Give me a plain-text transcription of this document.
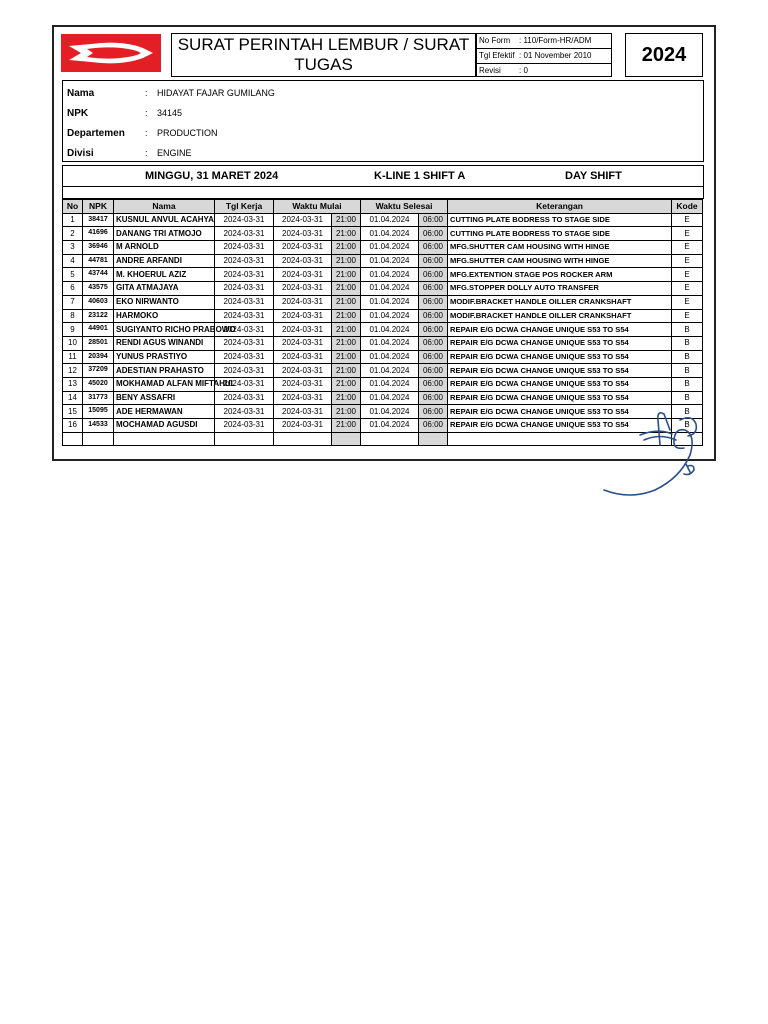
SURAT PERINTAH LEMBUR / SURAT TUGAS
No Form : 110/Form-HR/ADM
Tgl Efektif : 01 November 2010
Revisi : 0
2024
Nama	: HIDAYAT FAJAR GUMILANG
NPK	: 34145
Departemen : PRODUCTION
Divisi	: ENGINE
MINGGU, 31 MARET 2024	K-LINE 1 SHIFT A	DAY SHIFT
No	NPK	Nama	Tgl Kerja	Waktu Mulai		Waktu Selesai		Keterangan	Kode
1	38417	KUSNUL ANVUL ACAHYA	2024-03-31	2024-03-31	21:00	01.04.2024	06:00	CUTTING PLATE BODRESS TO STAGE SIDE	E
2	41696	DANANG TRI ATMOJO	2024-03-31	2024-03-31	21:00	01.04.2024	06:00	CUTTING PLATE BODRESS TO STAGE SIDE	E
3	36946	M ARNOLD	2024-03-31	2024-03-31	21:00	01.04.2024	06:00	MFG.SHUTTER CAM HOUSING WITH HINGE	E
4	44781	ANDRE ARFANDI	2024-03-31	2024-03-31	21:00	01.04.2024	06:00	MFG.SHUTTER CAM HOUSING WITH HINGE	E
5	43744	M. KHOERUL AZIZ	2024-03-31	2024-03-31	21:00	01.04.2024	06:00	MFG.EXTENTION STAGE POS ROCKER ARM	E
6	43575	GITA ATMAJAYA	2024-03-31	2024-03-31	21:00	01.04.2024	06:00	MFG.STOPPER DOLLY AUTO TRANSFER	E
7	40603	EKO NIRWANTO	2024-03-31	2024-03-31	21:00	01.04.2024	06:00	MODIF.BRACKET HANDLE OILLER CRANKSHAFT	E
8	23122	HARMOKO	2024-03-31	2024-03-31	21:00	01.04.2024	06:00	MODIF.BRACKET HANDLE OILLER CRANKSHAFT	E
9	44901	SUGIYANTO RICHO PRABOWO	2024-03-31	2024-03-31	21:00	01.04.2024	06:00	REPAIR E/G DCWA CHANGE UNIQUE S53 TO S54	B
10	28501	RENDI AGUS WINANDI	2024-03-31	2024-03-31	21:00	01.04.2024	06:00	REPAIR E/G DCWA CHANGE UNIQUE S53 TO S54	B
11	20394	YUNUS PRASTIYO	2024-03-31	2024-03-31	21:00	01.04.2024	06:00	REPAIR E/G DCWA CHANGE UNIQUE S53 TO S54	B
12	37209	ADESTIAN PRAHASTO	2024-03-31	2024-03-31	21:00	01.04.2024	06:00	REPAIR E/G DCWA CHANGE UNIQUE S53 TO S54	B
13	45020	MOKHAMAD ALFAN MIFTAHUL	2024-03-31	2024-03-31	21:00	01.04.2024	06:00	REPAIR E/G DCWA CHANGE UNIQUE S53 TO S54	B
14	31773	BENY ASSAFRI	2024-03-31	2024-03-31	21:00	01.04.2024	06:00	REPAIR E/G DCWA CHANGE UNIQUE S53 TO S54	B
15	15095	ADE HERMAWAN	2024-03-31	2024-03-31	21:00	01.04.2024	06:00	REPAIR E/G DCWA CHANGE UNIQUE S53 TO S54	B
16	14533	MOCHAMAD AGUSDI	2024-03-31	2024-03-31	21:00	01.04.2024	06:00	REPAIR E/G DCWA CHANGE UNIQUE S53 TO S54	B
